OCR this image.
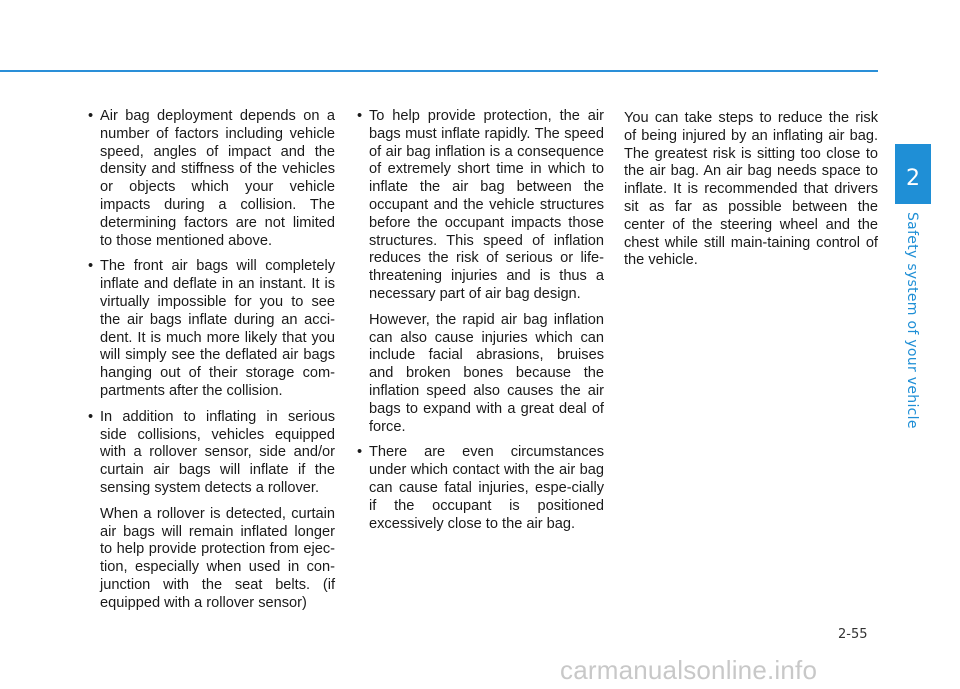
2
Safety system of your vehicle
• Air bag deployment depends on a number of factors including vehicle speed, angles of impact and the density and stiffness of the vehicles or objects which your vehicle impacts during a collision. The determining factors are not limited to those mentioned above.

• The front air bags will completely inflate and deflate in an instant. It is virtually impossible for you to see the air bags inflate during an acci-dent. It is much more likely that you will simply see the deflated air bags hanging out of their storage com-partments after the collision.

• In addition to inflating in serious side collisions, vehicles equipped with a rollover sensor, side and/or curtain air bags will inflate if the sensing system detects a rollover.

When a rollover is detected, curtain air bags will remain inflated longer to help provide protection from ejec-tion, especially when used in con-junction with the seat belts. (if equipped with a rollover sensor)

• To help provide protection, the air bags must inflate rapidly. The speed of air bag inflation is a consequence of extremely short time in which to inflate the air bag between the occupant and the vehicle structures before the occupant impacts those structures. This speed of inflation reduces the risk of serious or life-threatening injuries and is thus a necessary part of air bag design.

However, the rapid air bag inflation can also cause injuries which can include facial abrasions, bruises and broken bones because the inflation speed also causes the air bags to expand with a great deal of force.

• There are even circumstances under which contact with the air bag can cause fatal injuries, espe-cially if the occupant is positioned excessively close to the air bag.

You can take steps to reduce the risk of being injured by an inflating air bag. The greatest risk is sitting too close to the air bag. An air bag needs space to inflate. It is recommended that drivers sit as far as possible between the center of the steering wheel and the chest while still main-taining control of the vehicle.

2-55
carmanualsonline.info
